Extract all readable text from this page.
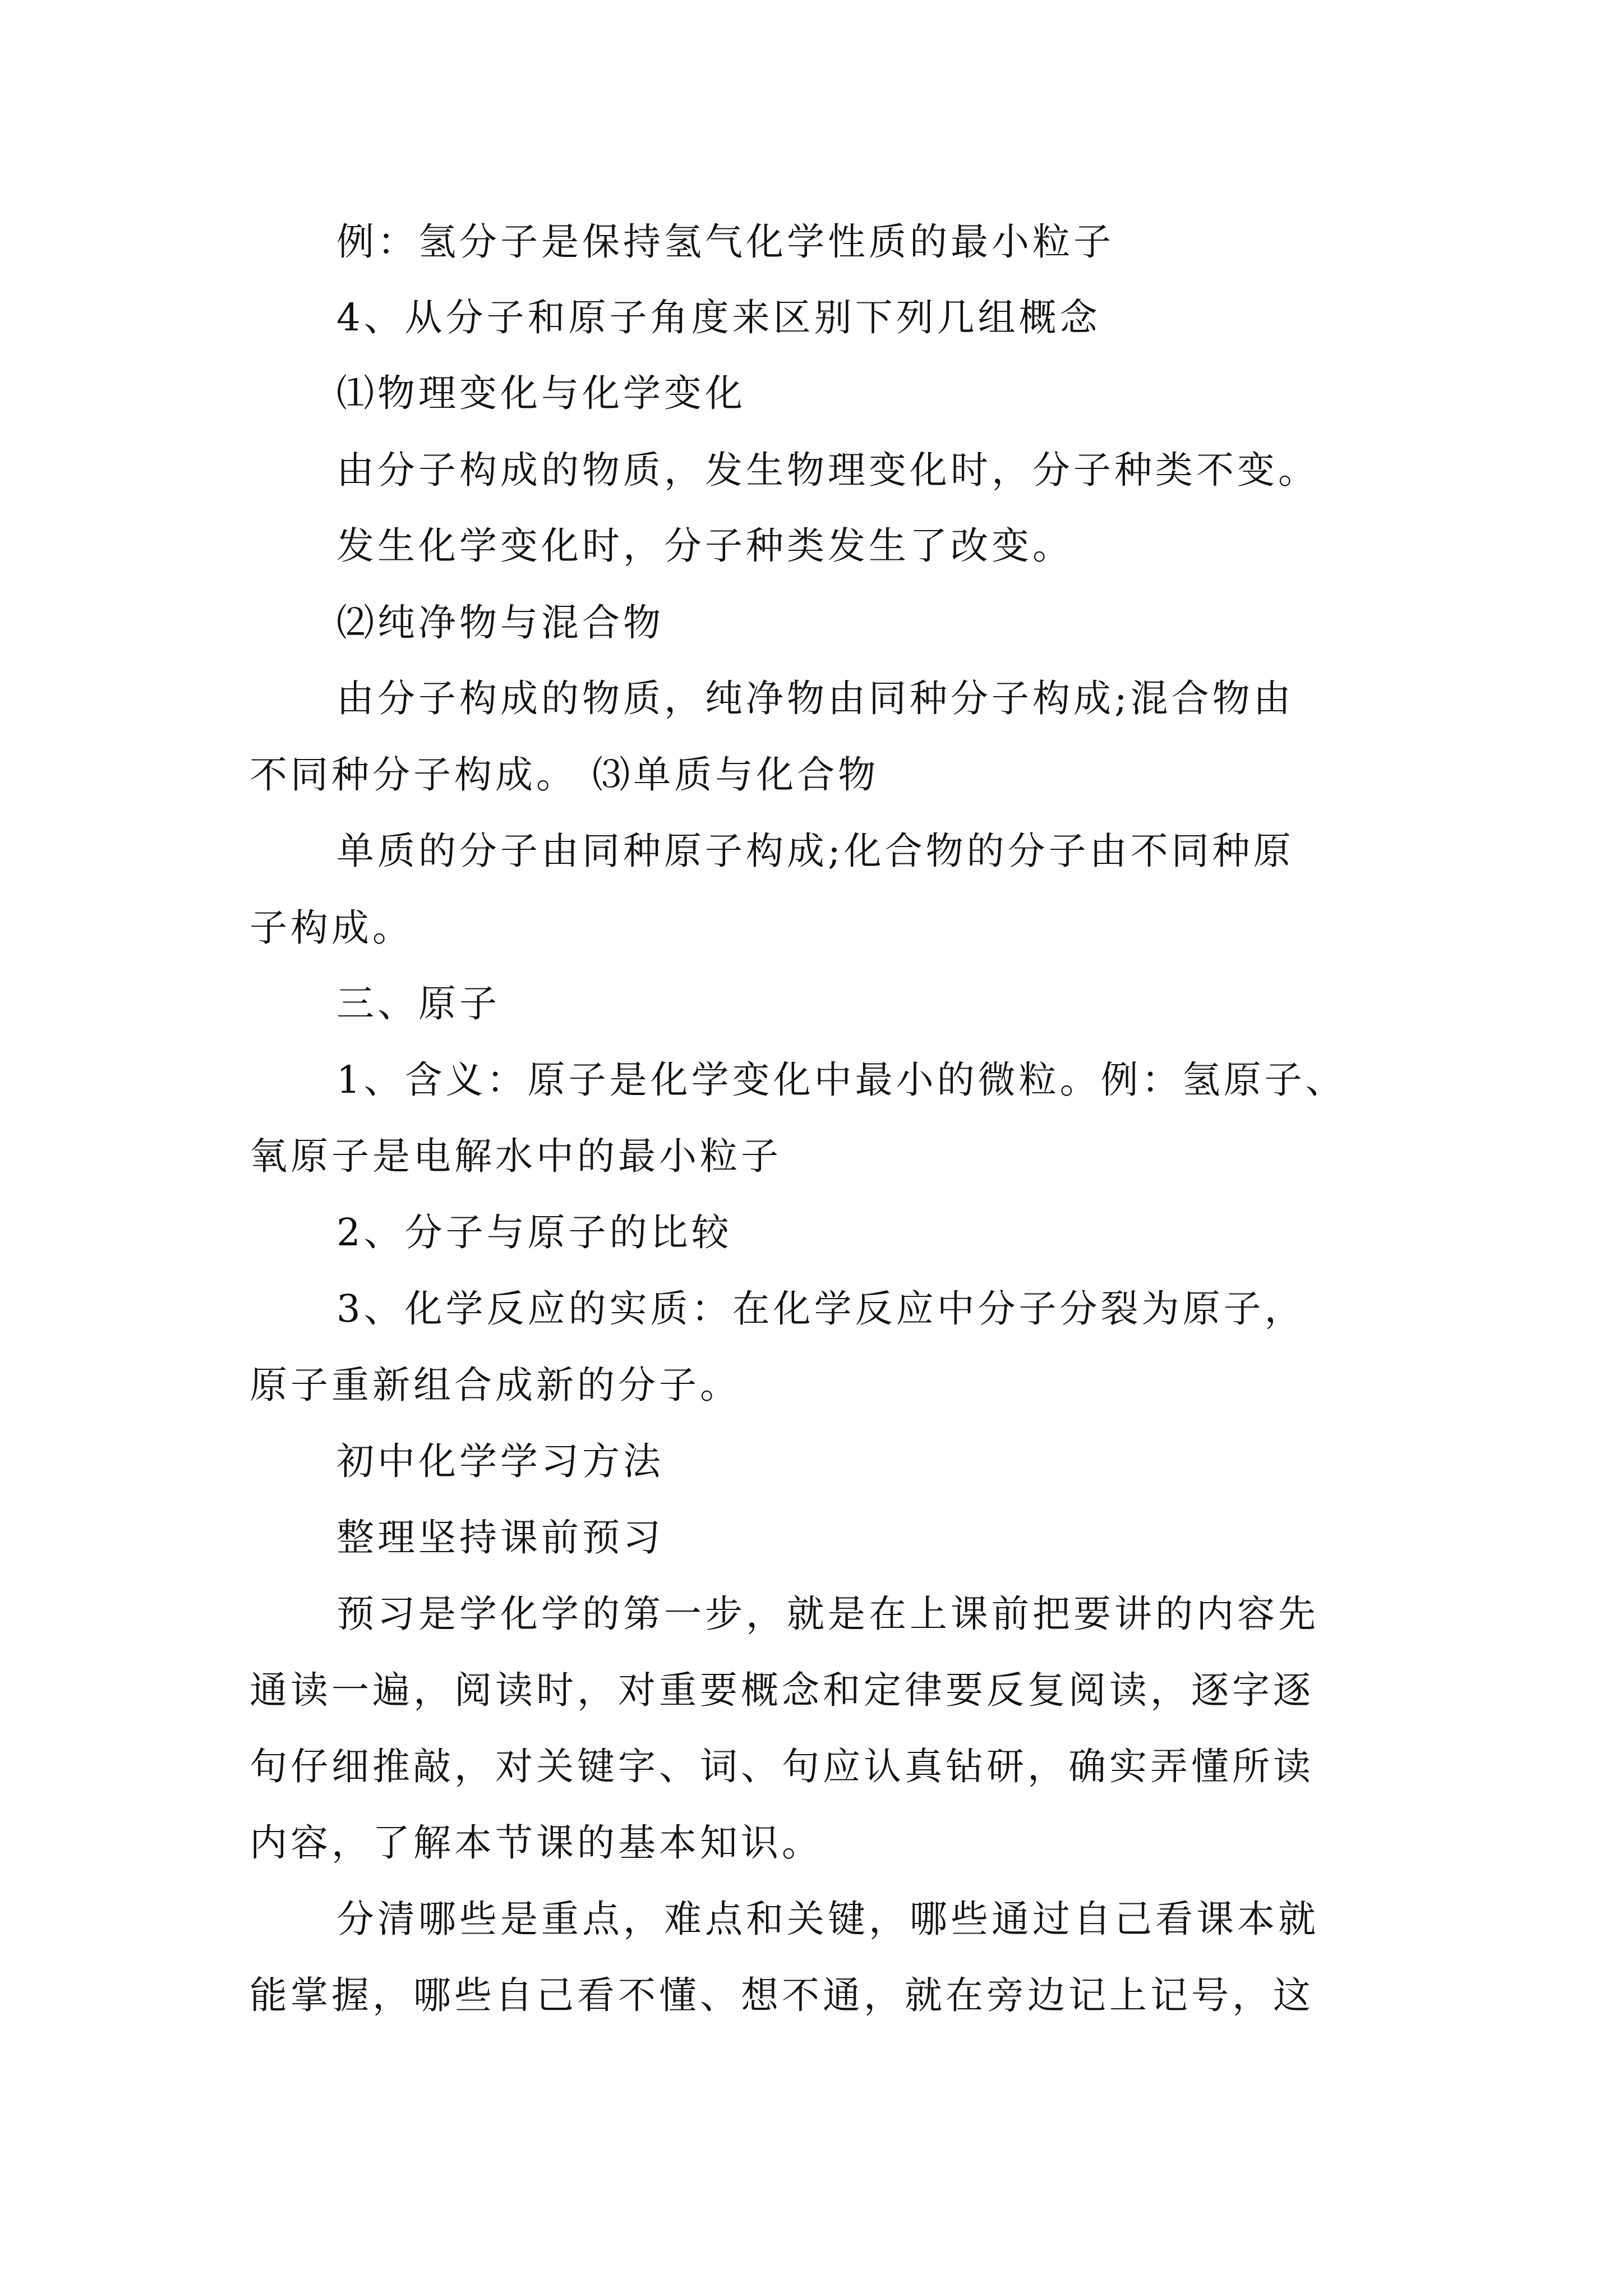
例：氢分子是保持氢气化学性质的最小粒子
4、从分子和原子角度来区别下列几组概念
⑴物理变化与化学变化
由分子构成的物质，发生物理变化时，分子种类不变。
发生化学变化时，分子种类发生了改变。
⑵纯净物与混合物
由分子构成的物质，纯净物由同种分子构成;混合物由
不同种分子构成。 ⑶单质与化合物
单质的分子由同种原子构成;化合物的分子由不同种原
子构成。
三、原子
1、含义：原子是化学变化中最小的微粒。例：氢原子、
氧原子是电解水中的最小粒子
2、分子与原子的比较
3、化学反应的实质：在化学反应中分子分裂为原子，
原子重新组合成新的分子。
初中化学学习方法
整理坚持课前预习
预习是学化学的第一步，就是在上课前把要讲的内容先
通读一遍，阅读时，对重要概念和定律要反复阅读，逐字逐
句仔细推敲，对关键字、词、句应认真钻研，确实弄懂所读
内容，了解本节课的基本知识。
分清哪些是重点，难点和关键，哪些通过自己看课本就
能掌握，哪些自己看不懂、想不通，就在旁边记上记号，这
